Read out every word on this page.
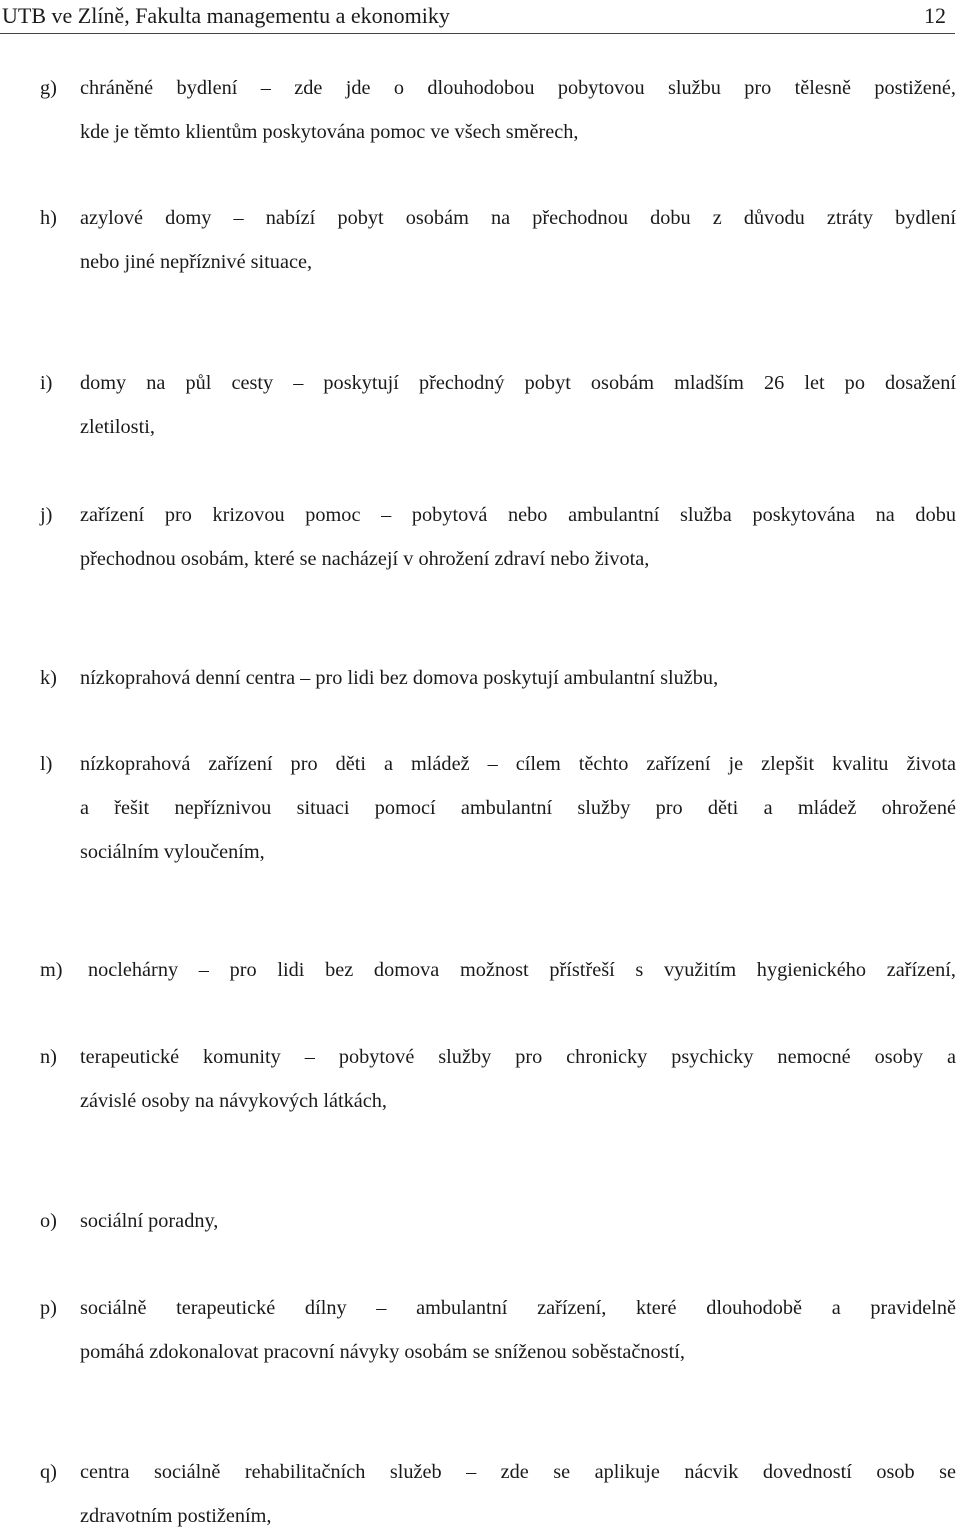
UTB ve Zlíně, Fakulta managementu a ekonomiky	12
g) chráněné bydlení – zde jde o dlouhodobou pobytovou službu pro tělesně postižené,
kde je těmto klientům poskytována pomoc ve všech směrech,
h) azylové domy – nabízí pobyt osobám na přechodnou dobu z důvodu ztráty bydlení
nebo jiné nepříznivé situace,
i) domy na půl cesty – poskytují přechodný pobyt osobám mladším 26 let po dosažení
zletilosti,
j) zařízení pro krizovou pomoc – pobytová nebo ambulantní služba poskytována na dobu
přechodnou osobám, které se nacházejí v ohrožení zdraví nebo života,
k) nízkoprahová denní centra – pro lidi bez domova poskytují ambulantní službu,
l) nízkoprahová zařízení pro děti a mládež – cílem těchto zařízení je zlepšit kvalitu života
a řešit nepříznivou situaci pomocí ambulantní služby pro děti a mládež ohrožené
sociálním vyloučením,
m) noclehárny – pro lidi bez domova možnost přístřeší s využitím hygienického zařízení,
n) terapeutické komunity – pobytové služby pro chronicky psychicky nemocné osoby a
závislé osoby na návykových látkách,
o) sociální poradny,
p) sociálně terapeutické dílny – ambulantní zařízení, které dlouhodobě a pravidelně
pomáhá zdokonalovat pracovní návyky osobám se sníženou soběstačností,
q) centra sociálně rehabilitačních služeb – zde se aplikuje nácvik dovedností osob se
zdravotním postižením,
